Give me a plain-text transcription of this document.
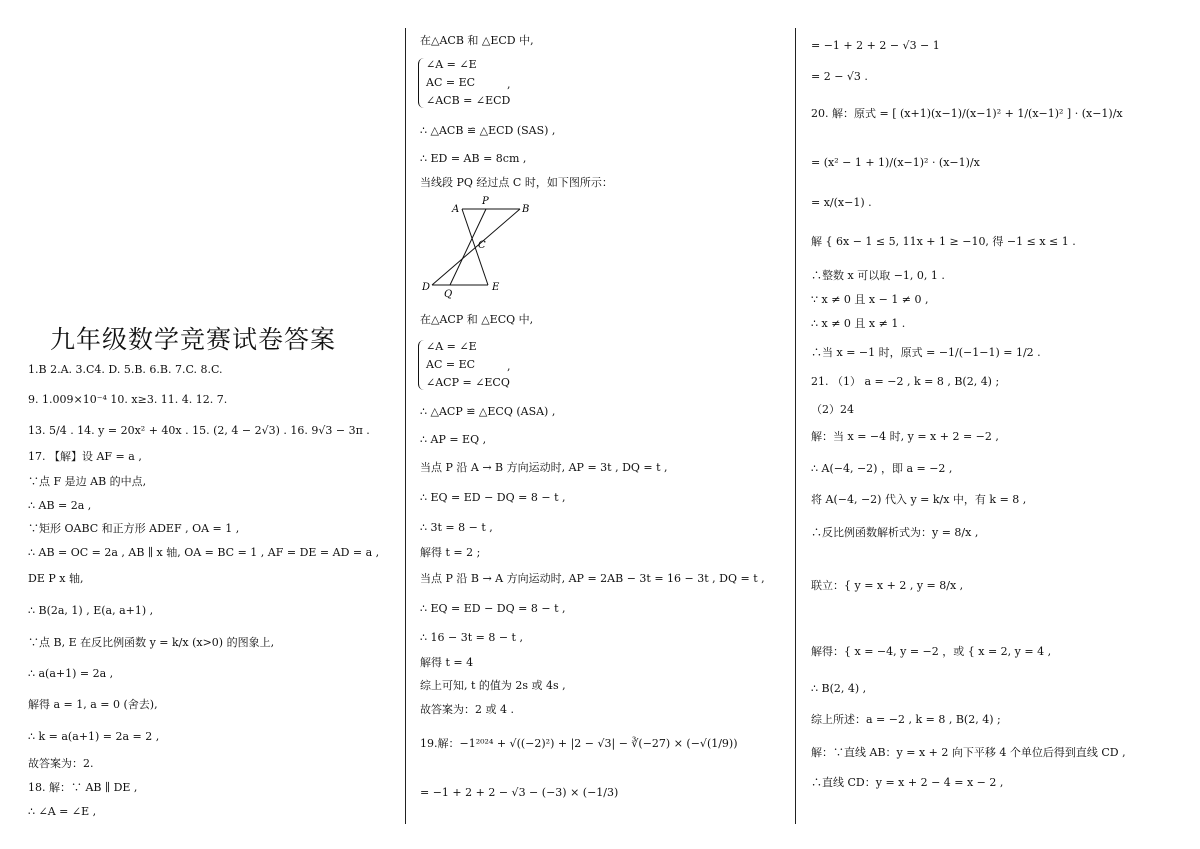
九年级数学竞赛试卷答案
1.B 2.A. 3.C4. D. 5.B. 6.B. 7.C. 8.C.
9. 1.009×10⁻⁴ 10. x≥3. 11. 4. 12. 7.
13. 5/4 . 14. y = 20x² + 40x . 15. (2, 4 − 2√3) . 16. 9√3 − 3π .
17. 【解】设 AF = a ,
∵点 F 是边 AB 的中点,
∴ AB = 2a ,
∵矩形 OABC 和正方形 ADEF , OA = 1 ,
∴ AB = OC = 2a , AB ∥ x 轴, OA = BC = 1 , AF = DE = AD = a ,
DE P x 轴,
∴ B(2a, 1) , E(a, a+1) ,
∵点 B, E 在反比例函数 y = k/x (x>0) 的图象上,
∴ a(a+1) = 2a ,
解得 a = 1, a = 0 (舍去),
∴ k = a(a+1) = 2a = 2 ,
故答案为：2.
18. 解：∵ AB ∥ DE ,
∴ ∠A = ∠E ,
在△ACB 和 △ECD 中,
∠A = ∠E
AC = EC
∠ACB = ∠ECD
,
∴ △ACB ≌ △ECD (SAS) ,
∴ ED = AB = 8cm ,
当线段 PQ 经过点 C 时，如下图所示：
A
P
B
C
D
Q
E
在△ACP 和 △ECQ 中,
∠A = ∠E
AC = EC
∠ACP = ∠ECQ
,
∴ △ACP ≌ △ECQ (ASA) ,
∴ AP = EQ ,
当点 P 沿 A → B 方向运动时, AP = 3t , DQ = t ,
∴ EQ = ED − DQ = 8 − t ,
∴ 3t = 8 − t ,
解得 t = 2 ;
当点 P 沿 B → A 方向运动时, AP = 2AB − 3t = 16 − 3t , DQ = t ,
∴ EQ = ED − DQ = 8 − t ,
∴ 16 − 3t = 8 − t ,
解得 t = 4
综上可知, t 的值为 2s 或 4s ,
故答案为：2 或 4 .
19.解：−1²⁰²⁴ + √((−2)²) + |2 − √3| − ∛(−27) × (−√(1/9))
= −1 + 2 + 2 − √3 − (−3) × (−1/3)
= −1 + 2 + 2 − √3 − 1
= 2 − √3 .
20. 解：原式 = [ (x+1)(x−1)/(x−1)² + 1/(x−1)² ] · (x−1)/x
= (x² − 1 + 1)/(x−1)² · (x−1)/x
= x/(x−1) .
解 { 6x − 1 ≤ 5, 11x + 1 ≥ −10, 得 −1 ≤ x ≤ 1 .
∴整数 x 可以取 −1, 0, 1 .
∵ x ≠ 0 且 x − 1 ≠ 0 ,
∴ x ≠ 0 且 x ≠ 1 .
∴当 x = −1 时，原式 = −1/(−1−1) = 1/2 .
21. （1） a = −2 , k = 8 , B(2, 4) ;
（2）24
解：当 x = −4 时, y = x + 2 = −2 ,
∴ A(−4, −2) ，即 a = −2 ,
将 A(−4, −2) 代入 y = k/x 中，有 k = 8 ,
∴反比例函数解析式为：y = 8/x ,
联立：{ y = x + 2 , y = 8/x ,
解得：{ x = −4, y = −2 ，或 { x = 2, y = 4 ,
∴ B(2, 4) ,
综上所述：a = −2 , k = 8 , B(2, 4) ;
解：∵直线 AB：y = x + 2 向下平移 4 个单位后得到直线 CD ,
∴直线 CD：y = x + 2 − 4 = x − 2 ,
